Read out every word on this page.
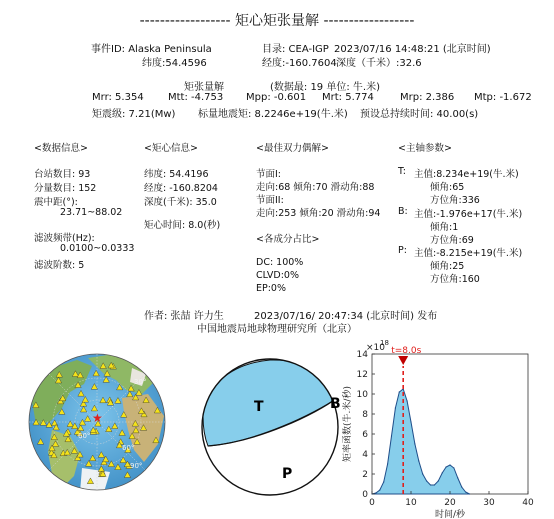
------------------ 矩心矩张量解 ------------------
事件ID: Alaska Peninsula	目录: CEA-IGP 2023/07/16 14:48:21 (北京时间)
纬度:54.4596	经度:-160.7604 深度（千米）:32.6
矩张量解	(数据最: 19 单位: 牛.米)
Mrr: 5.354 Mtt: -4.753 Mpp: -0.601 Mrt: 5.774	Mrp: 2.386 Mtp: -1.672
矩震级: 7.21(Mw) 标量地震矩: 8.2246e+19(牛.米) 预设总持续时间: 40.00(s)
<数据信息>
台站数目: 93
分量数目: 152
震中距(°):
23.71~88.02
滤波频带(Hz):
0.0100~0.0333
滤波阶数: 5
<矩心信息>
纬度: 54.4196
经度: -160.8204
深度(千米): 35.0
矩心时间: 8.0(秒)
<最佳双力偶解>
节面I:
走向:68 倾角:70 滑动角:88
节面II:
走向:253 倾角:20 滑动角:94
<各成分占比>
DC: 100%
CLVD:0%
EP:0%
<主轴参数>
T: 主值:8.234e+19(牛.米)
倾角:65
方位角:336
B: 主值:-1.976e+17(牛.米)
倾角:1
方位角:69
P: 主值:-8.215e+19(牛.米)
倾角:25
方位角:160
作者: 张喆 许力生	2023/07/16/ 20:47:34 (北京时间) 发布
中国地震局地球物理研究所（北京）
★
30°
60°
60°
90°
T
P
B
t=8.0s
0	10	20	30	40
0
2
4
6
8
10
12
14
×10
18
时间/秒
矩率函数(牛.米/秒)
